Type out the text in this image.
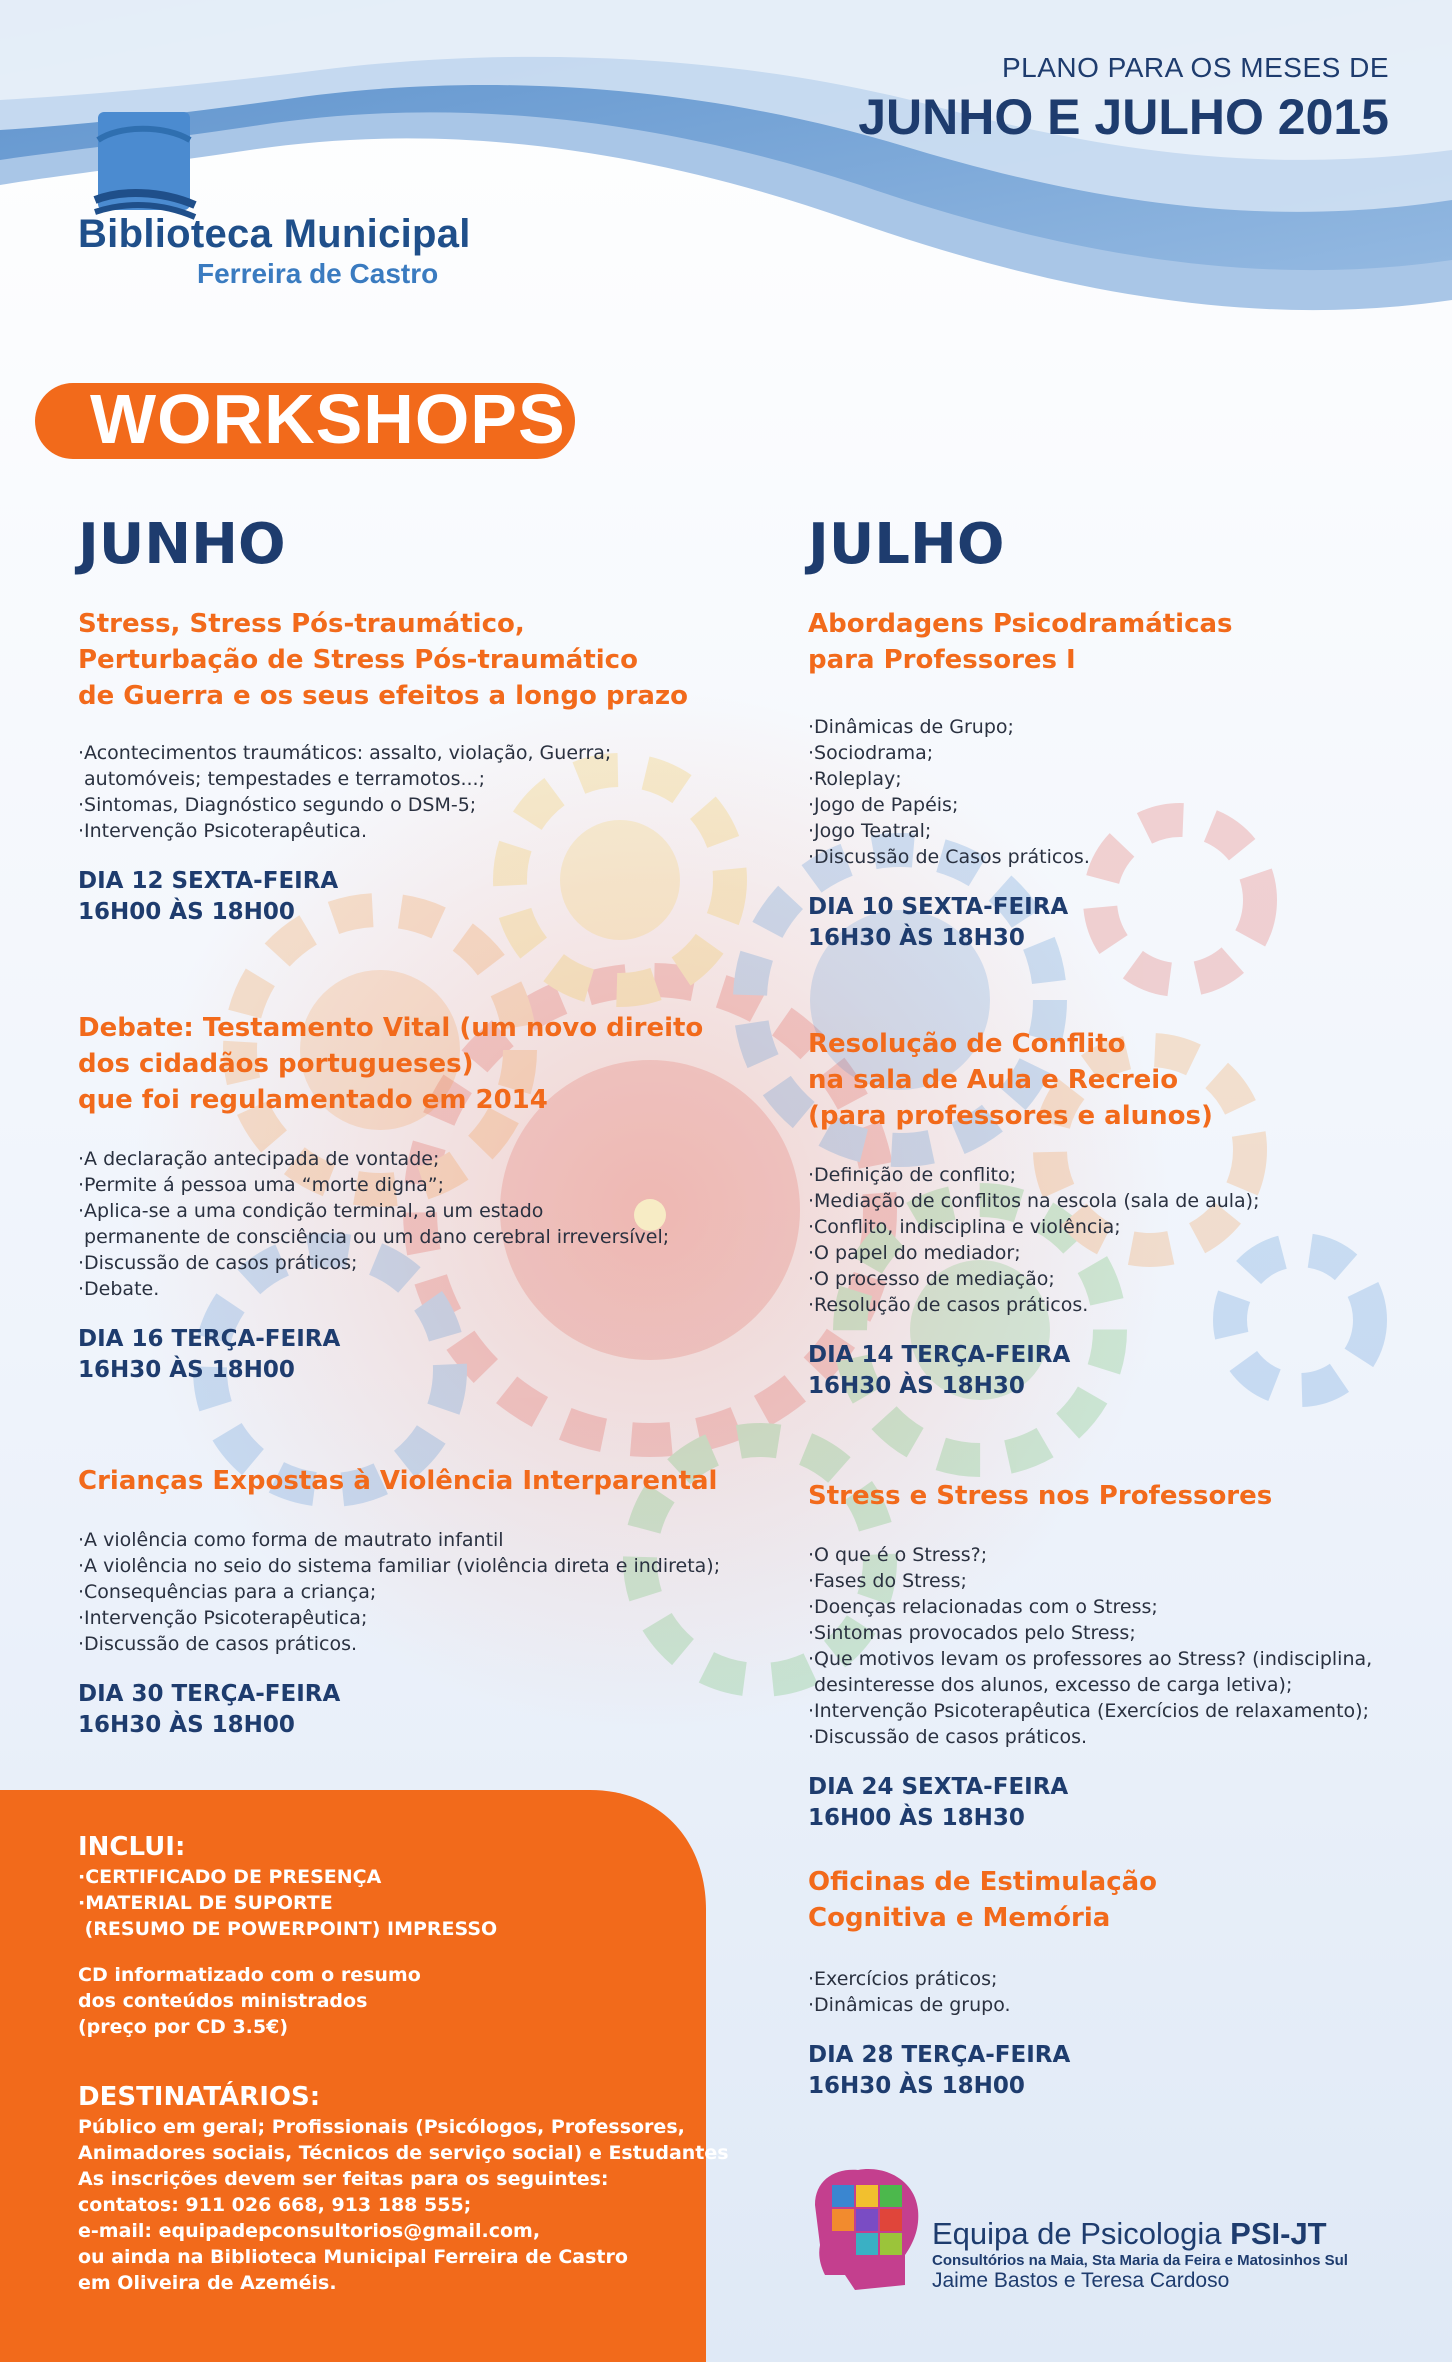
Biblioteca Municipal
Ferreira de Castro
PLANO PARA OS MESES DE
JUNHO E JULHO 2015
WORKSHOPS
JUNHO	JULHO
Stress, Stress Pós-traumático,
Perturbação de Stress Pós-traumático
de Guerra e os seus efeitos a longo prazo
·Acontecimentos traumáticos: assalto, violação, Guerra;
automóveis; tempestades e terramotos...;
·Sintomas, Diagnóstico segundo o DSM-5;
·Intervenção Psicoterapêutica.
DIA 12 SEXTA-FEIRA
16H00 ÀS 18H00
Debate: Testamento Vital (um novo direito
dos cidadãos portugueses)
que foi regulamentado em 2014
·A declaração antecipada de vontade;
·Permite á pessoa uma “morte digna”;
·Aplica-se a uma condição terminal, a um estado
permanente de consciência ou um dano cerebral irreversível;
·Discussão de casos práticos;
·Debate.
DIA 16 TERÇA-FEIRA
16H30 ÀS 18H00
Crianças Expostas à Violência Interparental
·A violência como forma de mautrato infantil
·A violência no seio do sistema familiar (violência direta e indireta);
·Consequências para a criança;
·Intervenção Psicoterapêutica;
·Discussão de casos práticos.
DIA 30 TERÇA-FEIRA
16H30 ÀS 18H00
Abordagens Psicodramáticas
para Professores I
·Dinâmicas de Grupo;
·Sociodrama;
·Roleplay;
·Jogo de Papéis;
·Jogo Teatral;
·Discussão de Casos práticos.
DIA 10 SEXTA-FEIRA
16H30 ÀS 18H30
Resolução de Conflito
na sala de Aula e Recreio
(para professores e alunos)
·Definição de conflito;
·Mediação de conflitos na escola (sala de aula);
·Conflito, indisciplina e violência;
·O papel do mediador;
·O processo de mediação;
·Resolução de casos práticos.
DIA 14 TERÇA-FEIRA
16H30 ÀS 18H30
Stress e Stress nos Professores
·O que é o Stress?;
·Fases do Stress;
·Doenças relacionadas com o Stress;
·Sintomas provocados pelo Stress;
·Que motivos levam os professores ao Stress? (indisciplina,
desinteresse dos alunos, excesso de carga letiva);
·Intervenção Psicoterapêutica (Exercícios de relaxamento);
·Discussão de casos práticos.
DIA 24 SEXTA-FEIRA
16H00 ÀS 18H30
Oficinas de Estimulação
Cognitiva e Memória
·Exercícios práticos;
·Dinâmicas de grupo.
DIA 28 TERÇA-FEIRA
16H30 ÀS 18H00
INCLUI:
·CERTIFICADO DE PRESENÇA
·MATERIAL DE SUPORTE
(RESUMO DE POWERPOINT) IMPRESSO
CD informatizado com o resumo
dos conteúdos ministrados
(preço por CD 3.5€)
DESTINATÁRIOS:
Público em geral; Profissionais (Psicólogos, Professores,
Animadores sociais, Técnicos de serviço social) e Estudantes
As inscrições devem ser feitas para os seguintes:
contatos: 911 026 668, 913 188 555;
e-mail: equipadepconsultorios@gmail.com,
ou ainda na Biblioteca Municipal Ferreira de Castro
em Oliveira de Azeméis.
Equipa de Psicologia PSI-JT
Consultórios na Maia, Sta Maria da Feira e Matosinhos Sul
Jaime Bastos e Teresa Cardoso
